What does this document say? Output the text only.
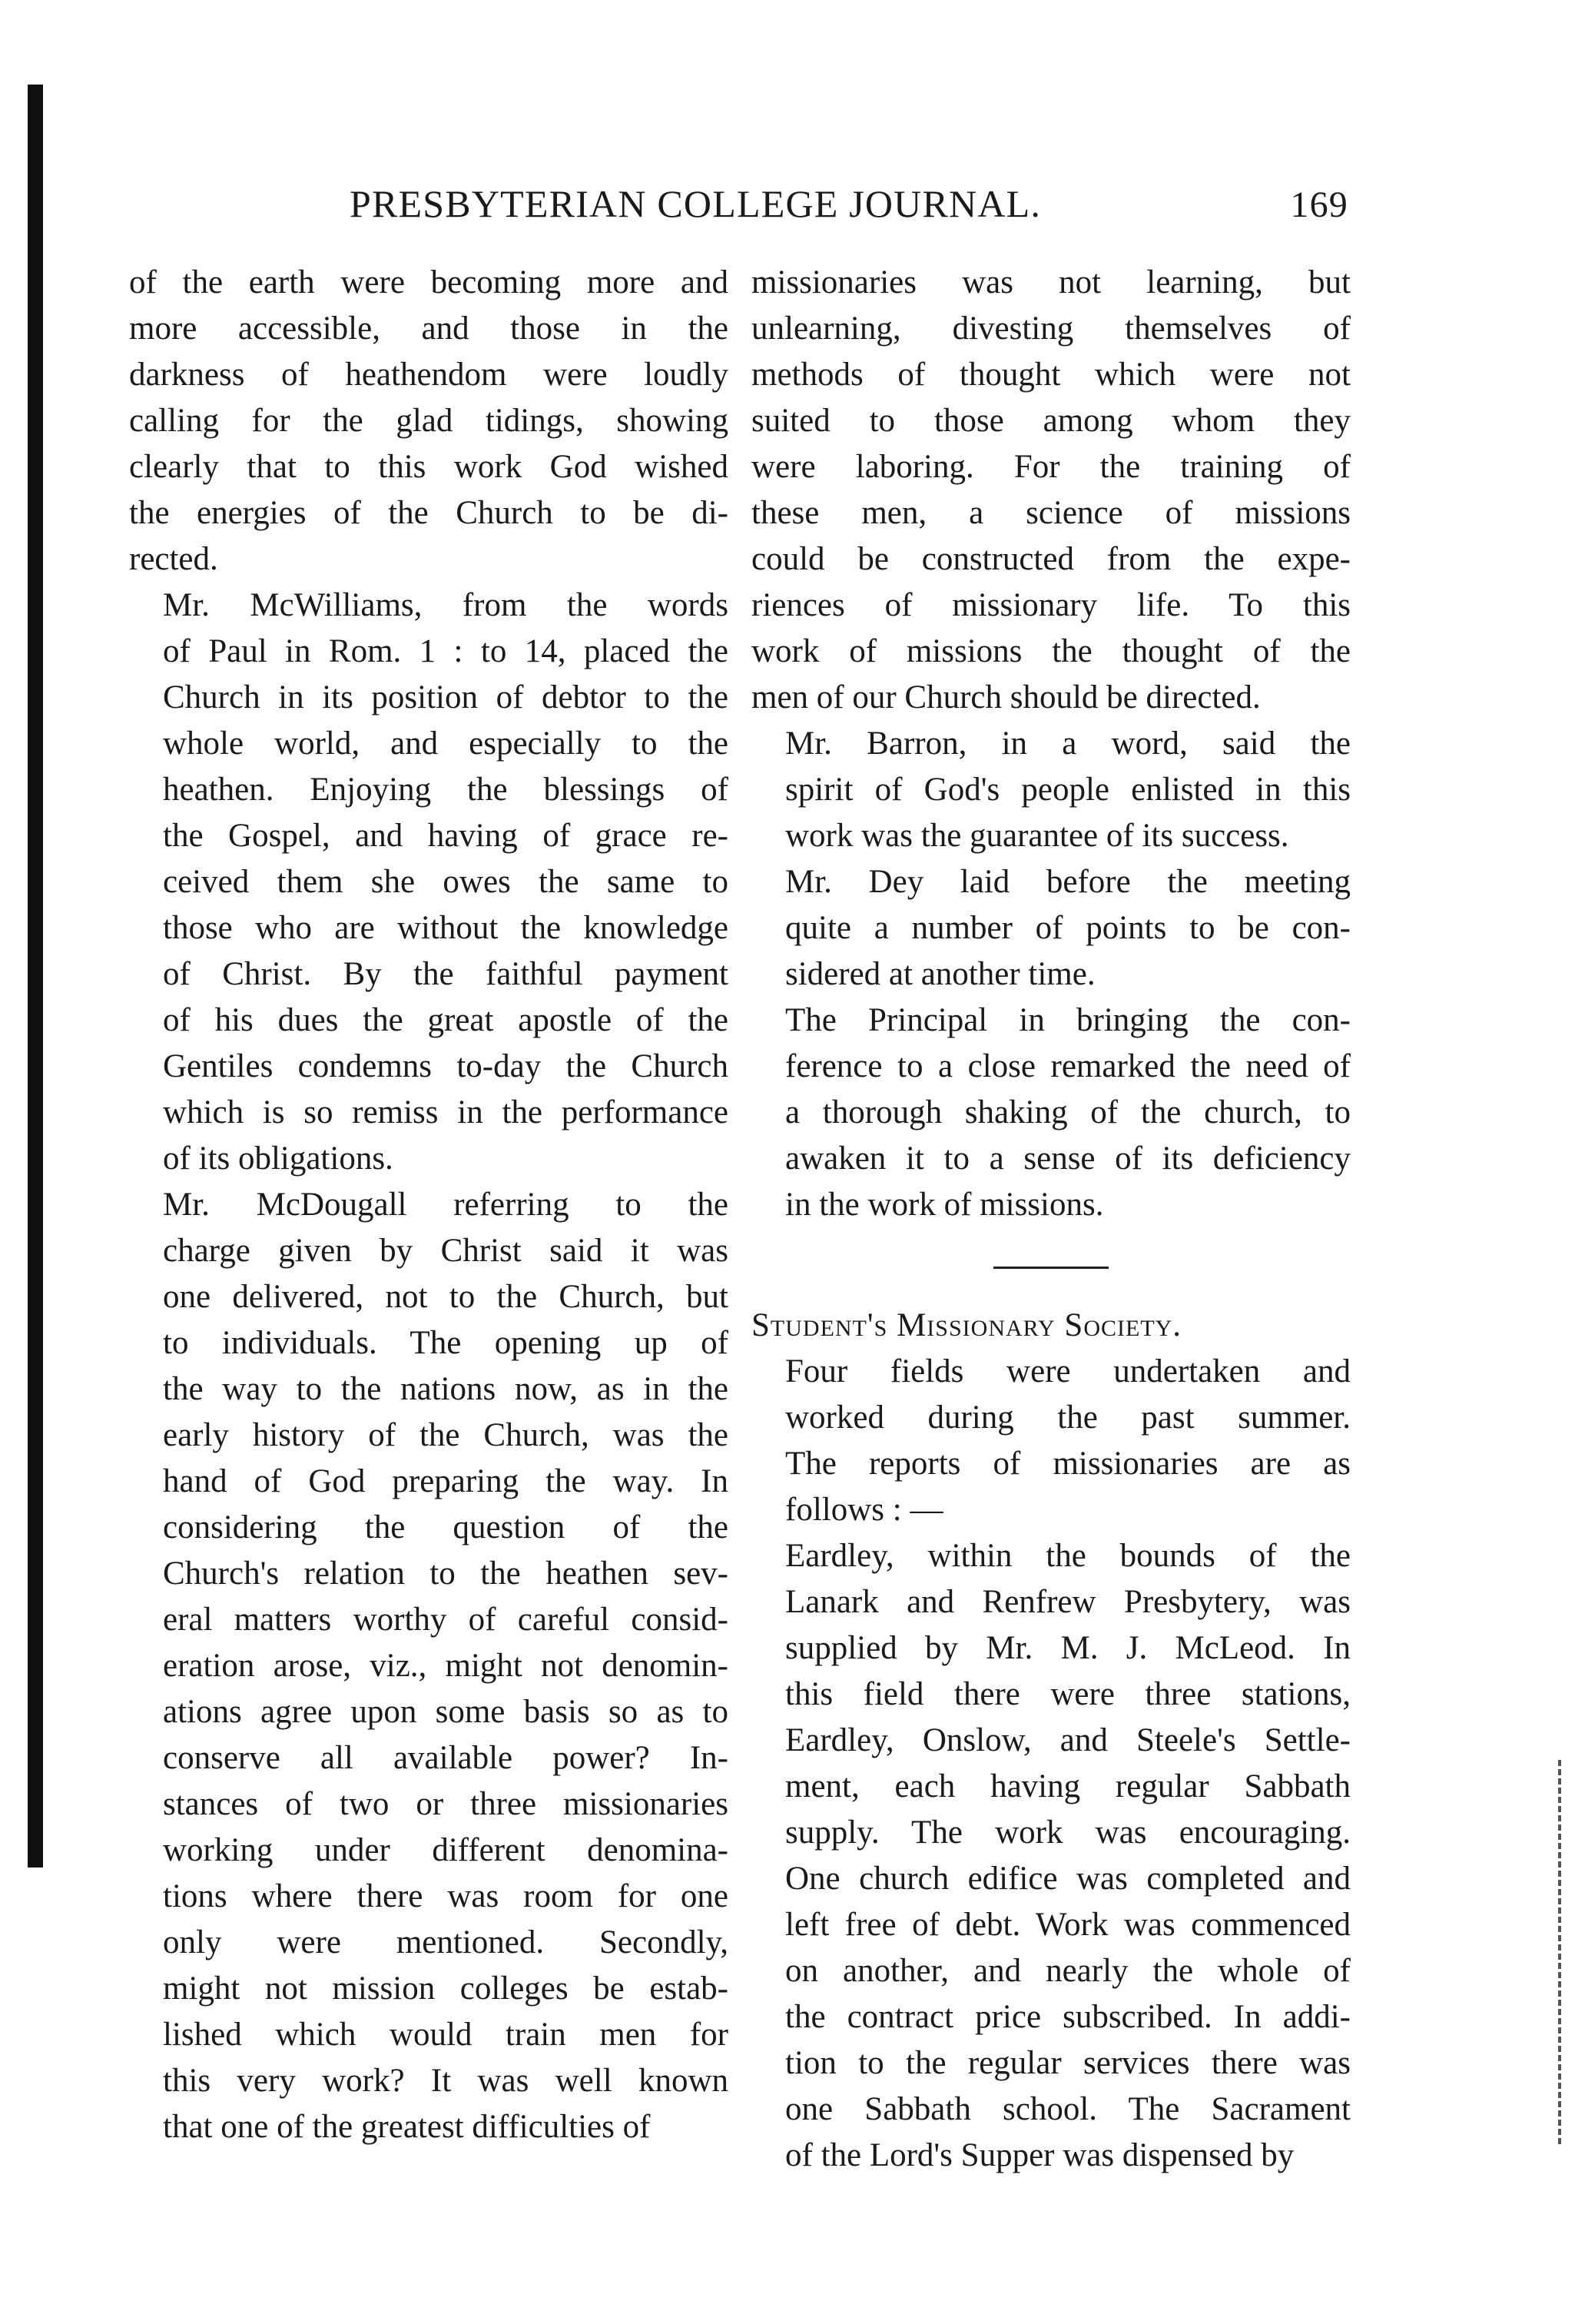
PRESBYTERIAN COLLEGE JOURNAL.	169

of the earth were becoming more and
more accessible, and those in the
darkness of heathendom were loudly
calling for the glad tidings, showing
clearly that to this work God wished
the energies of the Church to be di-
rected.

Mr. McWilliams, from the words
of Paul in Rom. 1 : to 14, placed the
Church in its position of debtor to the
whole world, and especially to the
heathen. Enjoying the blessings of
the Gospel, and having of grace re-
ceived them she owes the same to
those who are without the knowledge
of Christ. By the faithful payment
of his dues the great apostle of the
Gentiles condemns to-day the Church
which is so remiss in the performance
of its obligations.

Mr. McDougall referring to the
charge given by Christ said it was
one delivered, not to the Church, but
to individuals. The opening up of
the way to the nations now, as in the
early history of the Church, was the
hand of God preparing the way. In
considering the question of the
Church's relation to the heathen sev-
eral matters worthy of careful consid-
eration arose, viz., might not denomin-
ations agree upon some basis so as to
conserve all available power? In-
stances of two or three missionaries
working under different denomina-
tions where there was room for one
only were mentioned. Secondly,
might not mission colleges be estab-
lished which would train men for
this very work? It was well known
that one of the greatest difficulties of

missionaries was not learning, but
unlearning, divesting themselves of
methods of thought which were not
suited to those among whom they
were laboring. For the training of
these men, a science of missions
could be constructed from the expe-
riences of missionary life. To this
work of missions the thought of the
men of our Church should be directed.

Mr. Barron, in a word, said the
spirit of God's people enlisted in this
work was the guarantee of its success.

Mr. Dey laid before the meeting
quite a number of points to be con-
sidered at another time.

The Principal in bringing the con-
ference to a close remarked the need of
a thorough shaking of the church, to
awaken it to a sense of its deficiency
in the work of missions.

Student's Missionary Society.

Four fields were undertaken and
worked during the past summer.
The reports of missionaries are as
follows : —

Eardley, within the bounds of the
Lanark and Renfrew Presbytery, was
supplied by Mr. M. J. McLeod. In
this field there were three stations,
Eardley, Onslow, and Steele's Settle-
ment, each having regular Sabbath
supply. The work was encouraging.
One church edifice was completed and
left free of debt. Work was commenced
on another, and nearly the whole of
the contract price subscribed. In addi-
tion to the regular services there was
one Sabbath school. The Sacrament
of the Lord's Supper was dispensed by
